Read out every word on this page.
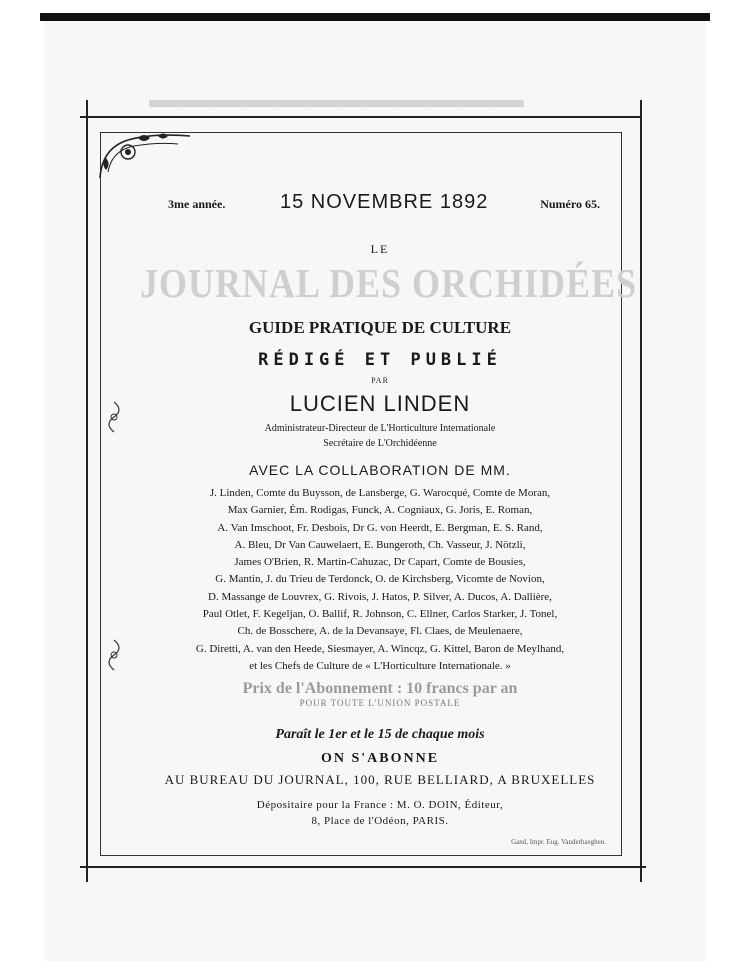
▁▁▁▁▁▁▁▁▁▁▁▁
3me année.	15 NOVEMBRE 1892	Numéro 65.
LE
JOURNAL DES ORCHIDÉES
GUIDE PRATIQUE DE CULTURE
RÉDIGÉ ET PUBLIÉ
PAR
LUCIEN LINDEN
Administrateur-Directeur de L'Horticulture Internationale
Secrétaire de L'Orchidéenne
AVEC LA COLLABORATION DE MM.
J. Linden, Comte du Buysson, de Lansberge, G. Warocqué, Comte de Moran,
Max Garnier, Ém. Rodigas, Funck, A. Cogniaux, G. Joris, E. Roman,
A. Van Imschoot, Fr. Desbois, Dr G. von Heerdt, E. Bergman, E. S. Rand,
A. Bleu, Dr Van Cauwelaert, E. Bungeroth, Ch. Vasseur, J. Nötzli,
James O'Brien, R. Martin-Cahuzac, Dr Capart, Comte de Bousies,
G. Mantin, J. du Trieu de Terdonck, O. de Kirchsberg, Vicomte de Novion,
D. Massange de Louvrex, G. Rivois, J. Hatos, P. Silver, A. Ducos, A. Dallière,
Paul Otlet, F. Kegeljan, O. Ballif, R. Johnson, C. Ellner, Carlos Starker, J. Tonel,
Ch. de Bosschere, A. de la Devansaye, Fl. Claes, de Meulenaere,
G. Diretti, A. van den Heede, Siesmayer, A. Wincqz, G. Kittel, Baron de Meylhand,
et les Chefs de Culture de « L'Horticulture Internationale. »
Prix de l'Abonnement : 10 francs par an
POUR TOUTE L'UNION POSTALE
Paraît le 1er et le 15 de chaque mois
ON S'ABONNE
AU BUREAU DU JOURNAL, 100, RUE BELLIARD, A BRUXELLES
Dépositaire pour la France : M. O. DOIN, Éditeur,
8, Place de l'Odéon, PARIS.
Gand, Impr. Eug. Vanderhaeghen.
